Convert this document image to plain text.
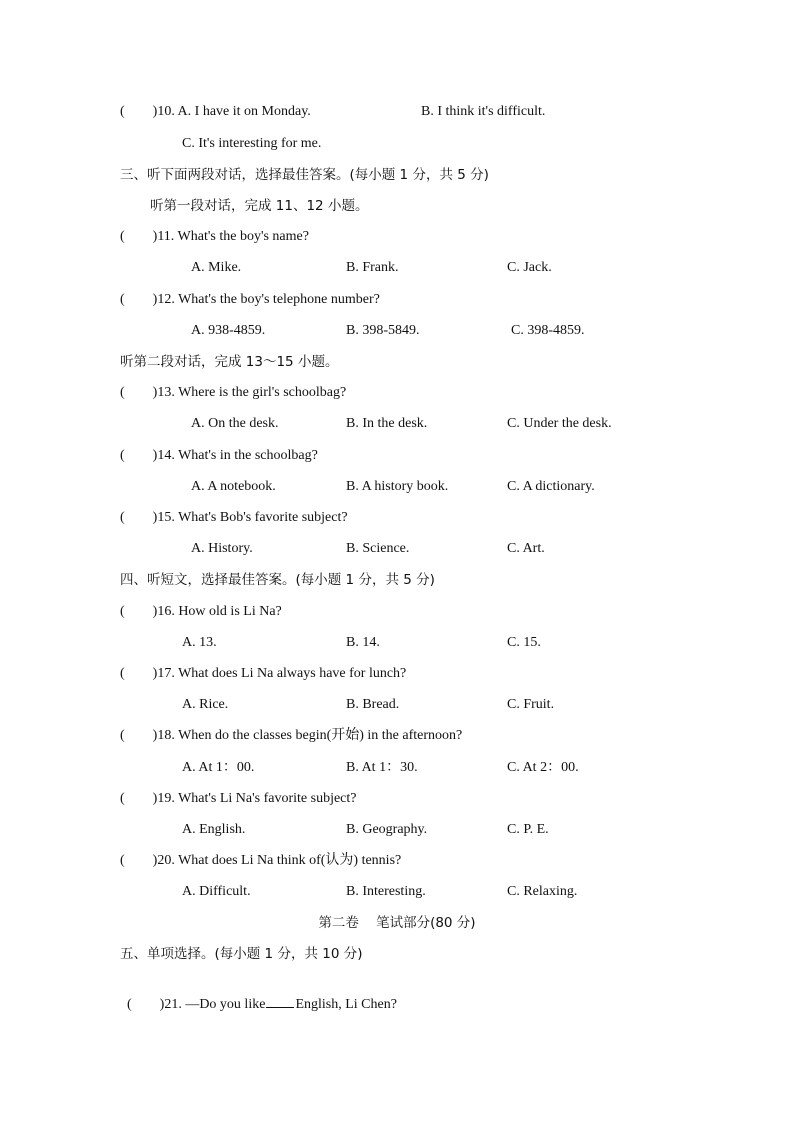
(        )10. A. I have it on Monday.	B. I think it's difficult.
C. It's interesting for me.
三、听下面两段对话，选择最佳答案。(每小题 1 分，共 5 分)
听第一段对话，完成 11、12 小题。
(        )11. What's the boy's name?
A. Mike.	B. Frank.	C. Jack.
(        )12. What's the boy's telephone number?
A. 938-4859.	B. 398-5849.	C. 398-4859.
听第二段对话，完成 13～15 小题。
(        )13. Where is the girl's schoolbag?
A. On the desk.	B. In the desk.	C. Under the desk.
(        )14. What's in the schoolbag?
A. A notebook.	B. A history book.	C. A dictionary.
(        )15. What's Bob's favorite subject?
A. History.	B. Science.	C. Art.
四、听短文，选择最佳答案。(每小题 1 分，共 5 分)
(        )16. How old is Li Na?
A. 13.	B. 14.	C. 15.
(        )17. What does Li Na always have for lunch?
A. Rice.	B. Bread.	C. Fruit.
(        )18. When do the classes begin(开始) in the afternoon?
A. At 1：00.	B. At 1：30.	C. At 2：00.
(        )19. What's Li Na's favorite subject?
A. English.	B. Geography.	C. P. E.
(        )20. What does Li Na think of(认为) tennis?
A. Difficult.	B. Interesting.	C. Relaxing.
第二卷    笔试部分(80 分)
五、单项选择。(每小题 1 分，共 10 分)

(        )21. —Do you like English, Li Chen?
